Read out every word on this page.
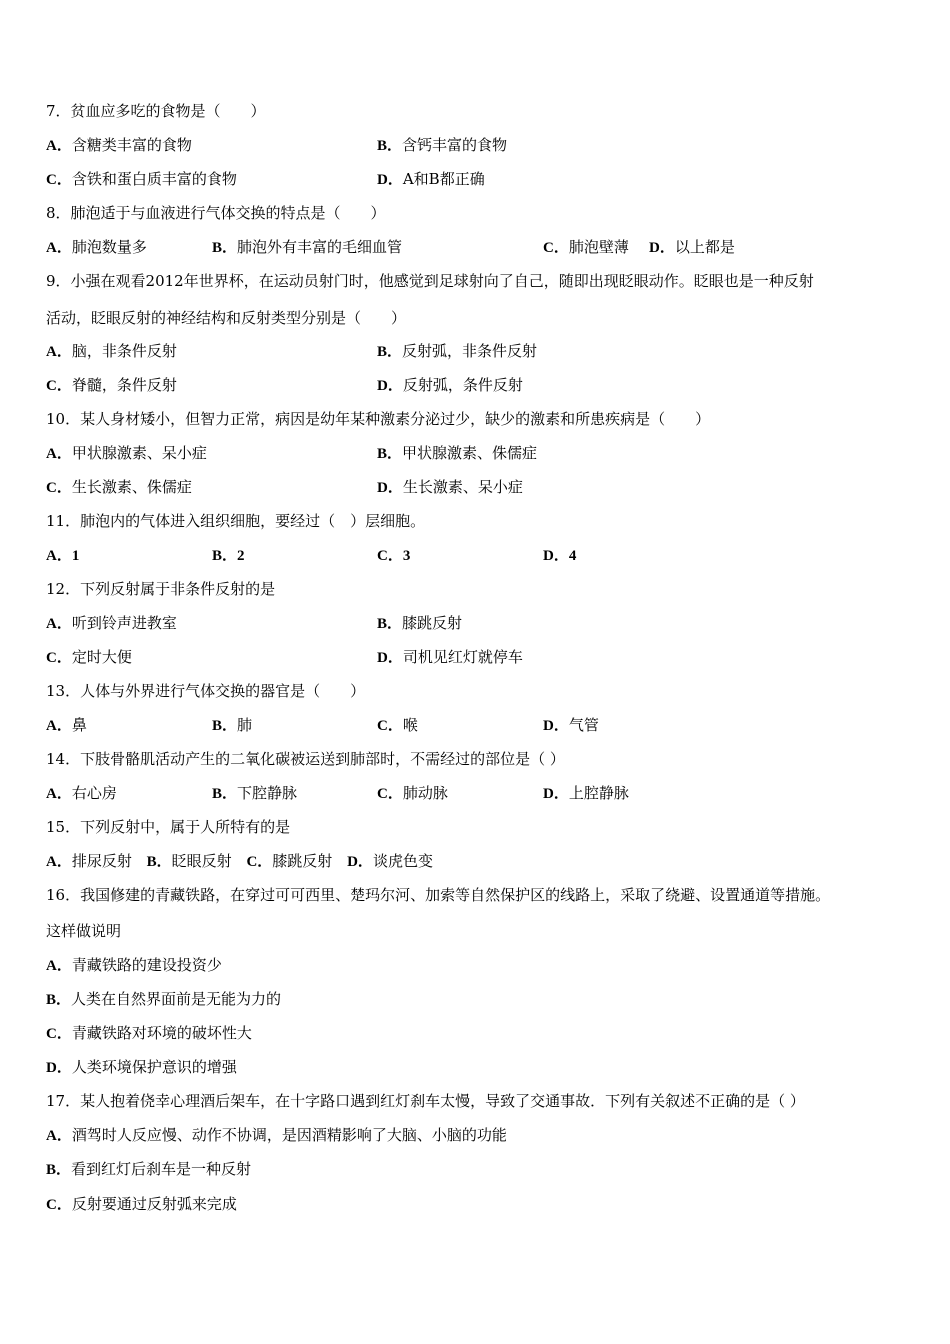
7．贫血应多吃的食物是（　　）
A．含糖类丰富的食物	B．含钙丰富的食物
C．含铁和蛋白质丰富的食物	D．A和B都正确
8．肺泡适于与血液进行气体交换的特点是（　　）
A．肺泡数量多	B．肺泡外有丰富的毛细血管	C．肺泡壁薄 D．以上都是
9．小强在观看2012年世界杯，在运动员射门时，他感觉到足球射向了自己，随即出现眨眼动作。眨眼也是一种反射
活动，眨眼反射的神经结构和反射类型分别是（　　）
A．脑，非条件反射	B．反射弧，非条件反射
C．脊髓，条件反射	D．反射弧，条件反射
10．某人身材矮小，但智力正常，病因是幼年某种激素分泌过少，缺少的激素和所患疾病是（　　）
A．甲状腺激素、呆小症	B．甲状腺激素、侏儒症
C．生长激素、侏儒症	D．生长激素、呆小症
11．肺泡内的气体进入组织细胞，要经过（　）层细胞。
A．1	B．2	C．3	D．4
12．下列反射属于非条件反射的是
A．听到铃声进教室	B．膝跳反射
C．定时大便	D．司机见红灯就停车
13．人体与外界进行气体交换的器官是（　　）
A．鼻	B．肺	C．喉	D．气管
14．下肢骨骼肌活动产生的二氧化碳被运送到肺部时，不需经过的部位是（ ）
A．右心房	B．下腔静脉	C．肺动脉	D．上腔静脉
15．下列反射中，属于人所特有的是
A．排尿反射 B．眨眼反射 C．膝跳反射 D．谈虎色变
16．我国修建的青藏铁路，在穿过可可西里、楚玛尔河、加索等自然保护区的线路上，采取了绕避、设置通道等措施。
这样做说明
A．青藏铁路的建设投资少
B．人类在自然界面前是无能为力的
C．青藏铁路对环境的破坏性大
D．人类环境保护意识的增强
17．某人抱着侥幸心理酒后架车，在十字路口遇到红灯刹车太慢，导致了交通事故．下列有关叙述不正确的是（ ）
A．酒驾时人反应慢、动作不协调，是因酒精影响了大脑、小脑的功能
B．看到红灯后刹车是一种反射
C．反射要通过反射弧来完成
